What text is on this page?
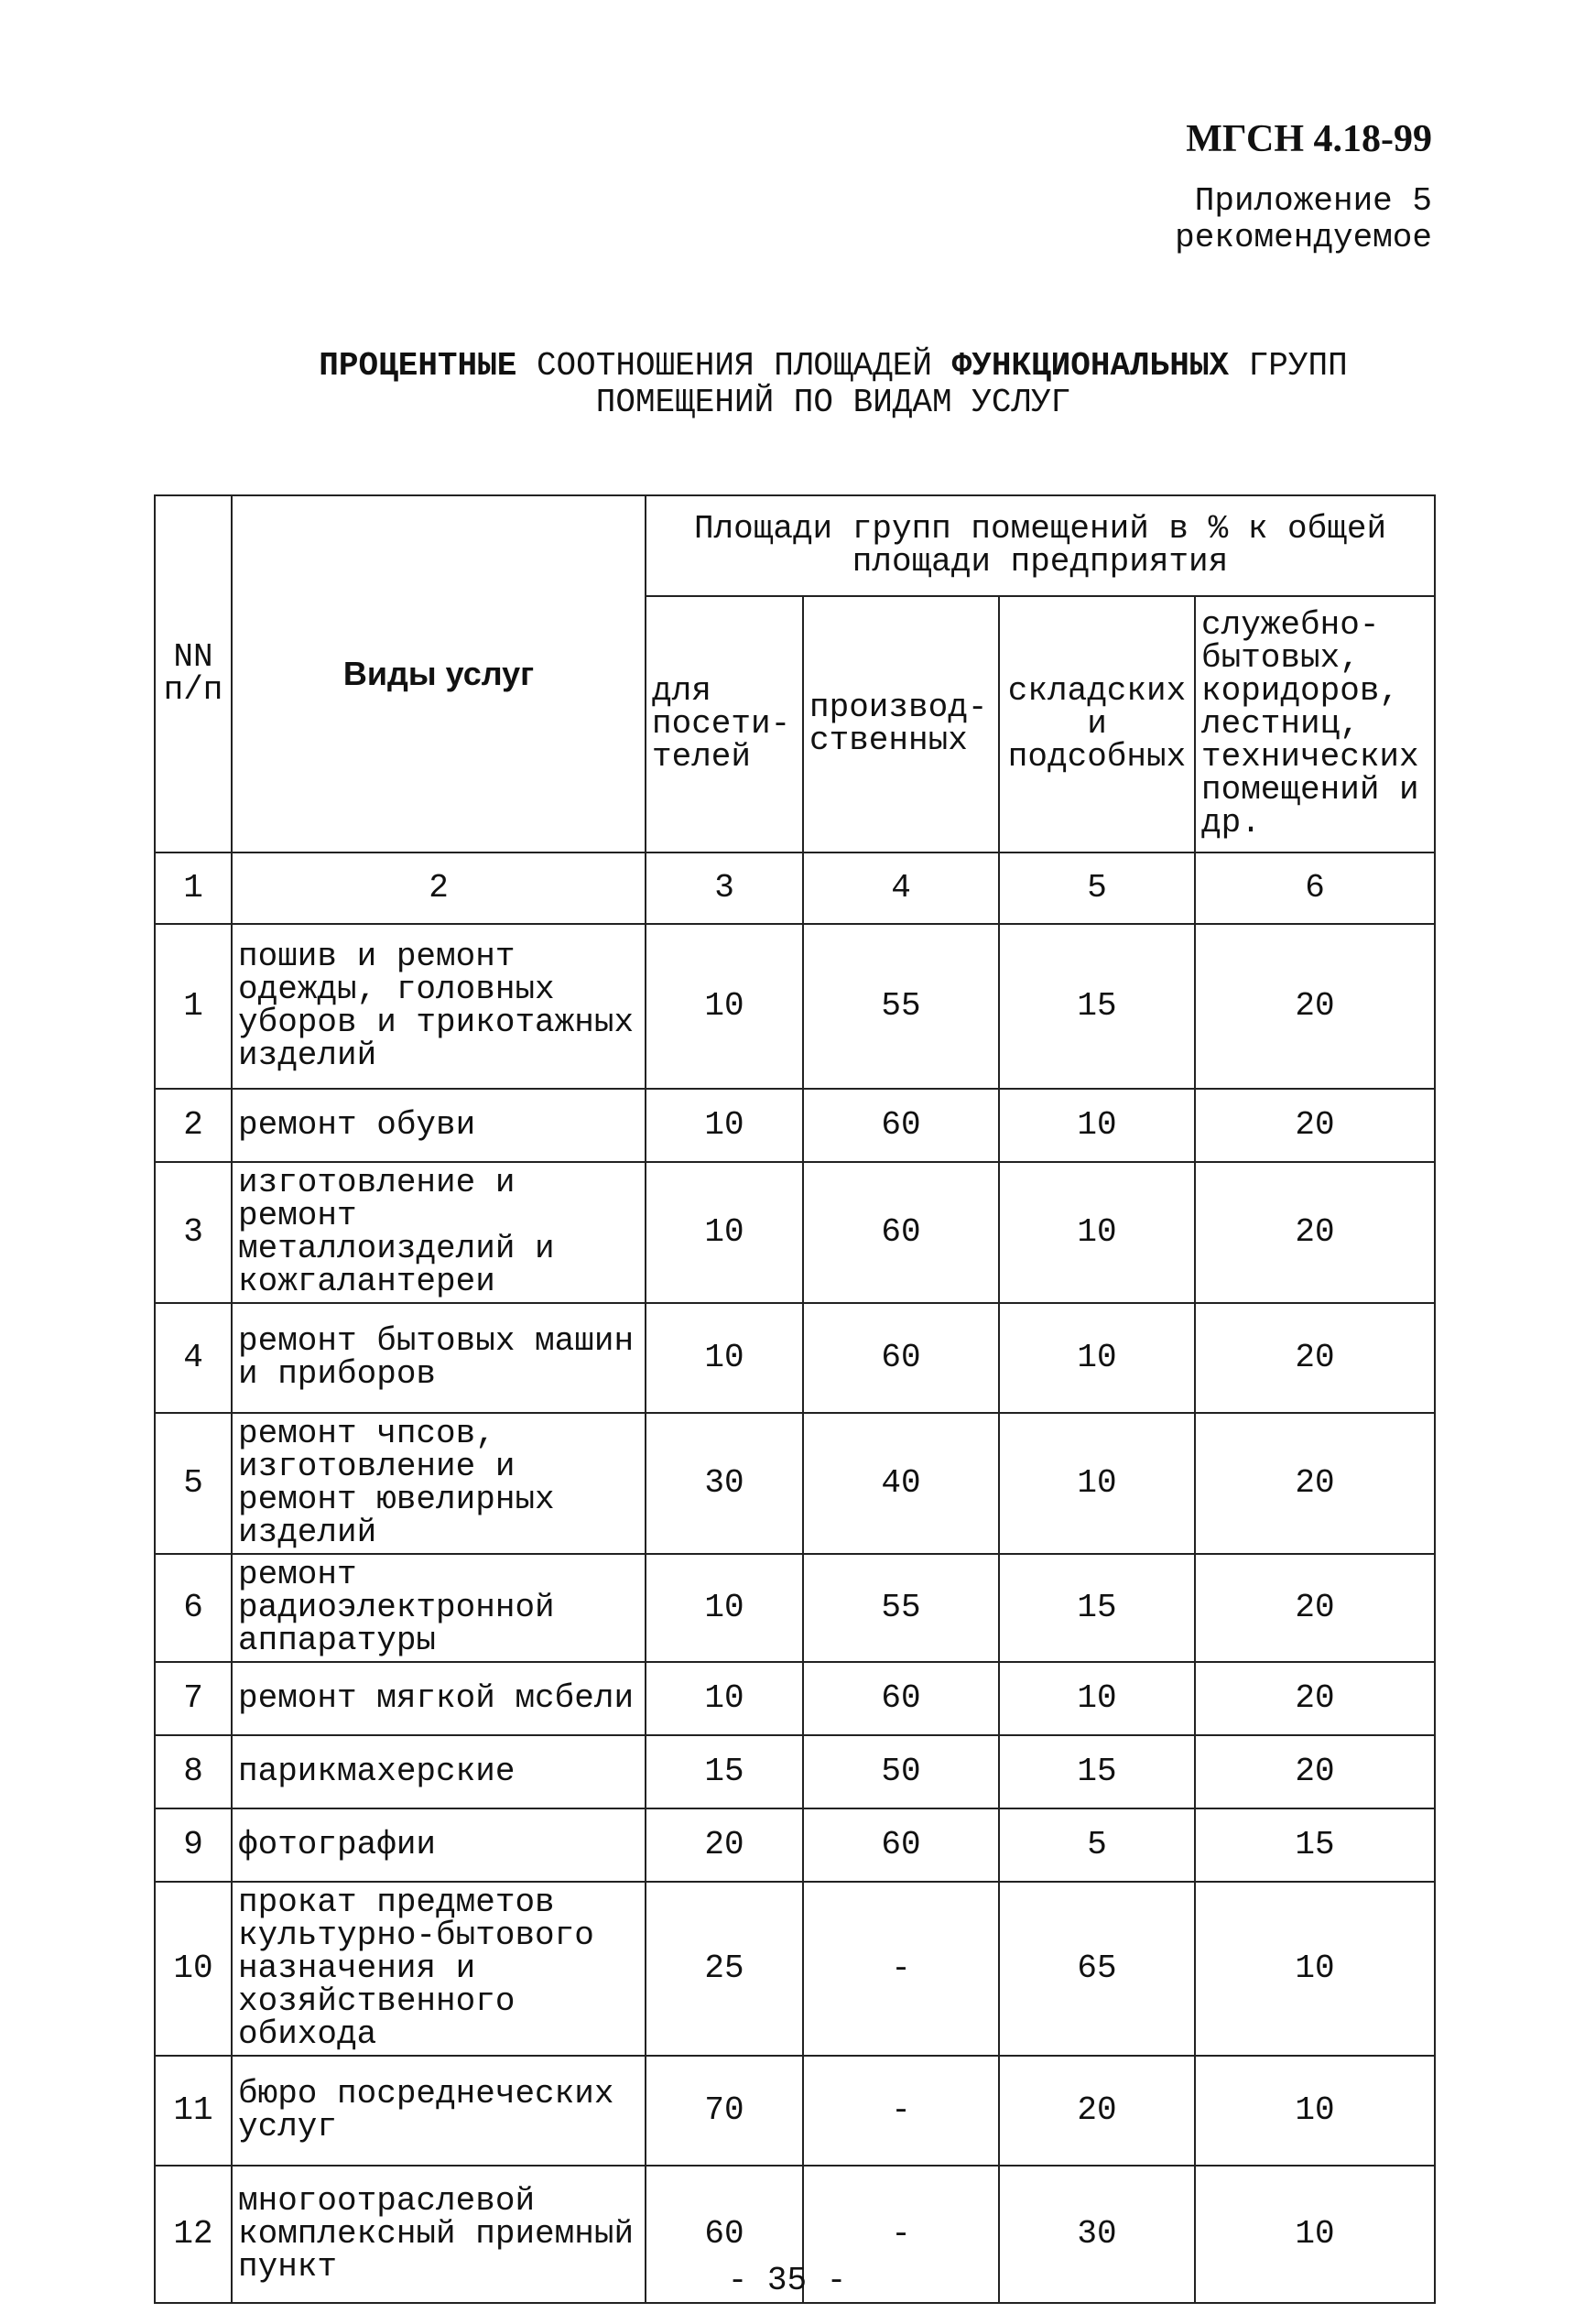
МГСН 4.18-99
Приложение 5
рекомендуемое
ПРОЦЕНТНЫЕ СООТНОШЕНИЯ ПЛОЩАДЕЙ ФУНКЦИОНАЛЬНЫХ ГРУПП
ПОМЕЩЕНИЙ ПО ВИДАМ УСЛУГ
NN п/п	Виды услуг	Площади групп помещений в % к общей площади предприятия			
		для посети-телей	производ-ственных	складских и подсобных	служебно-бытовых, коридоров, лестниц, технических помещений и др.
1	2	3	4	5	6
1	пошив и ремонт одежды, головных уборов и трикотажных изделий	10	55	15	20
2	ремонт обуви	10	60	10	20
3	изготовление и ремонт металлоизделий и кожгалантереи	10	60	10	20
4	ремонт бытовых машин и приборов	10	60	10	20
5	ремонт чпсов, изготовление и ремонт ювелирных изделий	30	40	10	20
6	ремонт радиоэлектронной аппаратуры	10	55	15	20
7	ремонт мягкой мсбели	10	60	10	20
8	парикмахерские	15	50	15	20
9	фотографии	20	60	5	15
10	прокат предметов культурно-бытового назначения и хозяйственного обихода	25	-	65	10
11	бюро посреднеческих услуг	70	-	20	10
12	многоотраслевой комплексный приемный пункт	60	-	30	10
- 35 -
